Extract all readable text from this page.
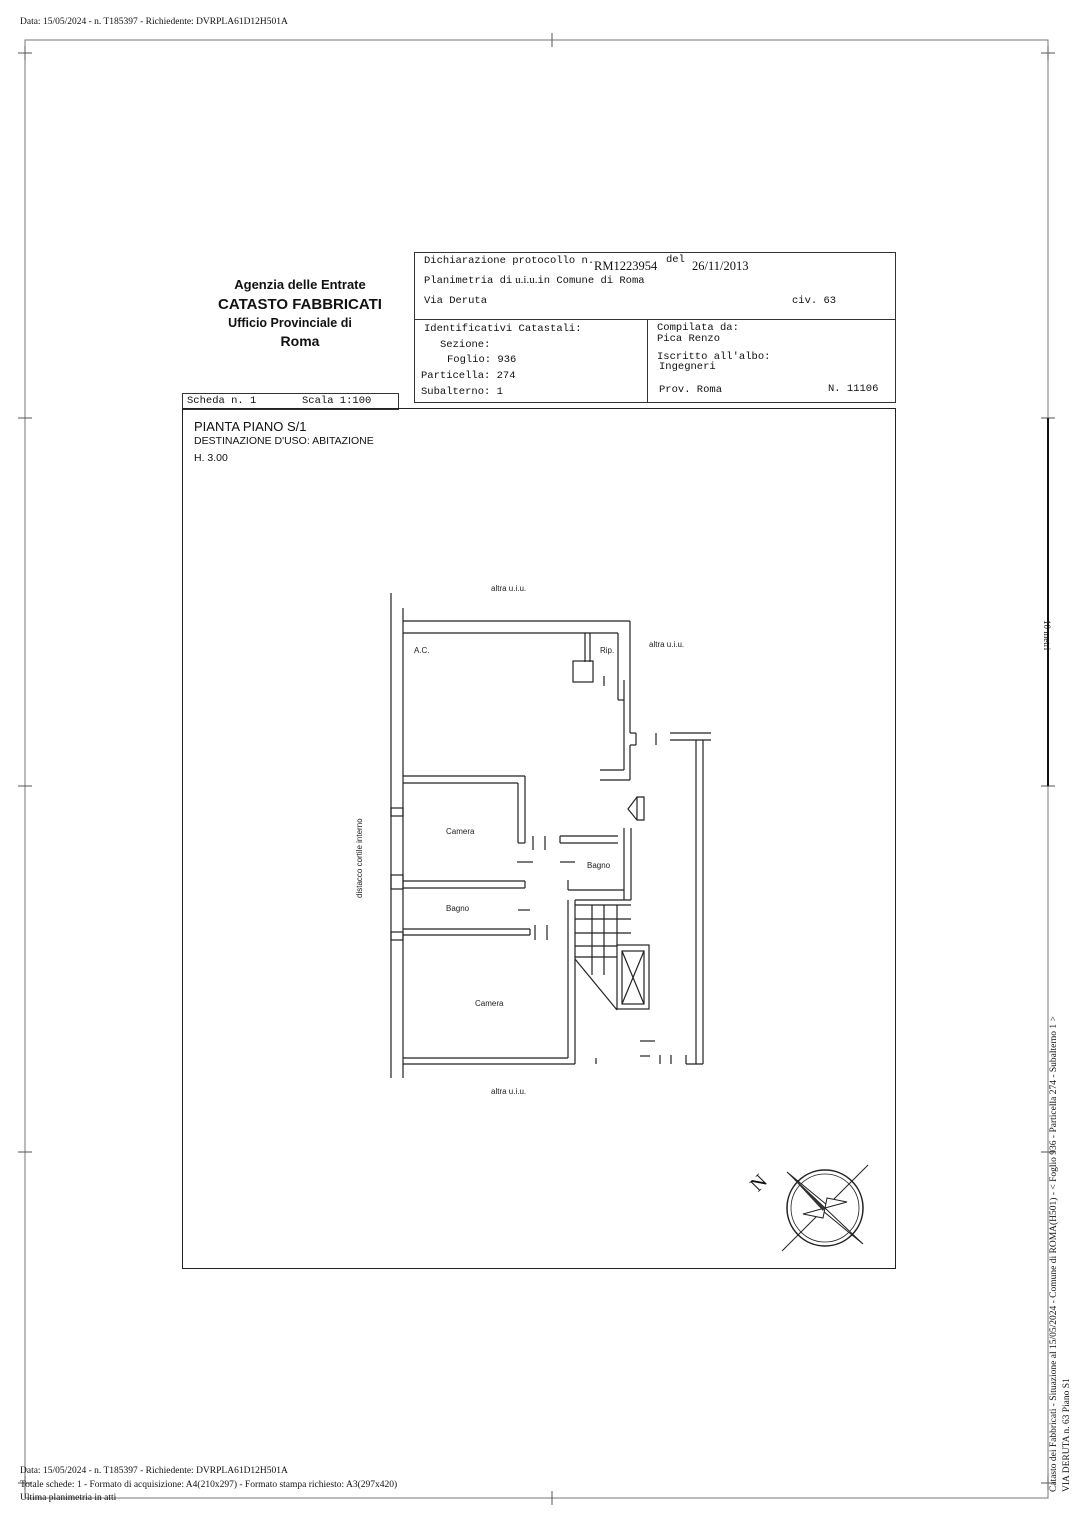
Data: 15/05/2024 - n. T185397 - Richiedente: DVRPLA61D12H501A
10 metri
Agenzia delle Entrate
CATASTO FABBRICATI
Ufficio Provinciale di
Roma
Dichiarazione protocollo n. RM1223954 del 26/11/2013
Planimetria di u.i.u.in Comune di Roma
Via Deruta	civ. 63
Identificativi Catastali:
Sezione:
Foglio: 936
Particella: 274
Subalterno: 1
Compilata da:
Pica Renzo
Iscritto all'albo:
Ingegneri
Prov. Roma	N. 11106
Scheda n. 1	Scala 1:100
PIANTA PIANO S/1
DESTINAZIONE D'USO: ABITAZIONE
H. 3.00
A.C.	Rip.
Camera
Bagno
Bagno
Camera
altra u.i.u.
altra u.i.u.
altra u.i.u.
distacco cortile interno
N	Catasto dei Fabbricati - Situazione al 15/05/2024 - Comune di ROMA(H501) - < Foglio 936 - Particella 274 - Subalterno 1 > VIA DERUTA n. 63 Piano S1
Data: 15/05/2024 - n. T185397 - Richiedente: DVRPLA61D12H501A
Totale schede: 1 - Formato di acquisizione: A4(210x297) - Formato stampa richiesto: A3(297x420)
Ultima planimetria in atti
